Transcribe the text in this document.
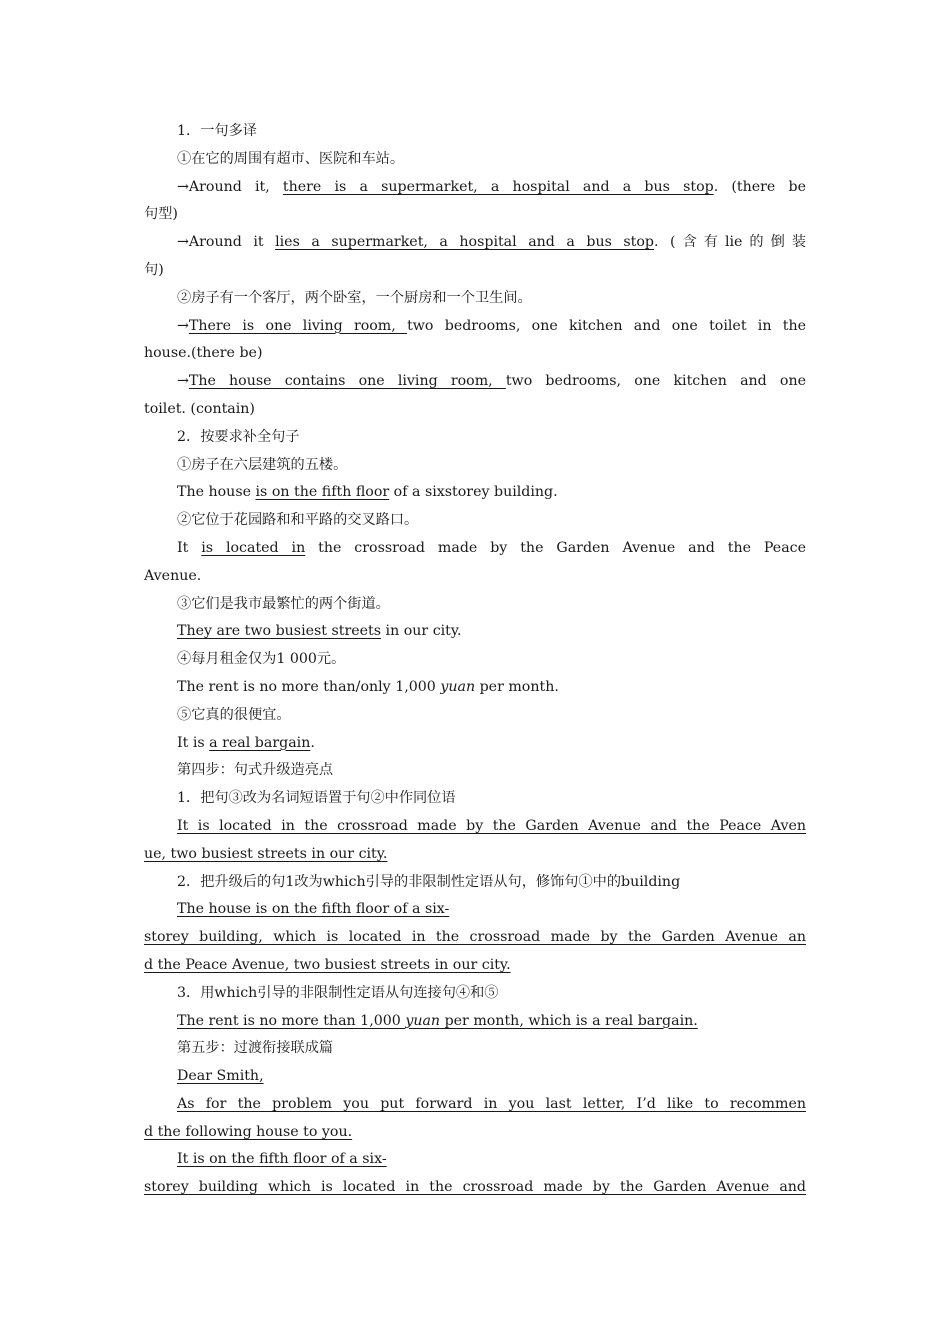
1．一句多译
①在它的周围有超市、医院和车站。
→Around it, there is a supermarket, a hospital and a bus stop. (there be
句型)
→Around it lies a supermarket, a hospital and a bus stop. (含有lie的倒装
句)
②房子有一个客厅，两个卧室，一个厨房和一个卫生间。
→There is one living room, two bedrooms, one kitchen and one toilet in the
house.(there be)
→The house contains one living room, two bedrooms, one kitchen and one
toilet. (contain)
2．按要求补全句子
①房子在六层建筑的五楼。
The house is on the fifth floor of a sixstorey building.
②它位于花园路和和平路的交叉路口。
It is located in the crossroad made by the Garden Avenue and the Peace
Avenue.
③它们是我市最繁忙的两个街道。
They are two busiest streets in our city.
④每月租金仅为1 000元。
The rent is no more than/only 1,000 yuan per month.
⑤它真的很便宜。
It is a real bargain.
第四步：句式升级造亮点
1．把句③改为名词短语置于句②中作同位语
It is located in the crossroad made by the Garden Avenue and the Peace Aven
ue, two busiest streets in our city.
2．把升级后的句1改为which引导的非限制性定语从句，修饰句①中的building
The house is on the fifth floor of a six-
storey building, which is located in the crossroad made by the Garden Avenue an
d the Peace Avenue, two busiest streets in our city.
3．用which引导的非限制性定语从句连接句④和⑤
The rent is no more than 1,000 yuan per month, which is a real bargain.
第五步：过渡衔接联成篇
Dear Smith,
As for the problem you put forward in you last letter, I’d like to recommen
d the following house to you.
It is on the fifth floor of a six-
storey building which is located in the crossroad made by the Garden Avenue and
